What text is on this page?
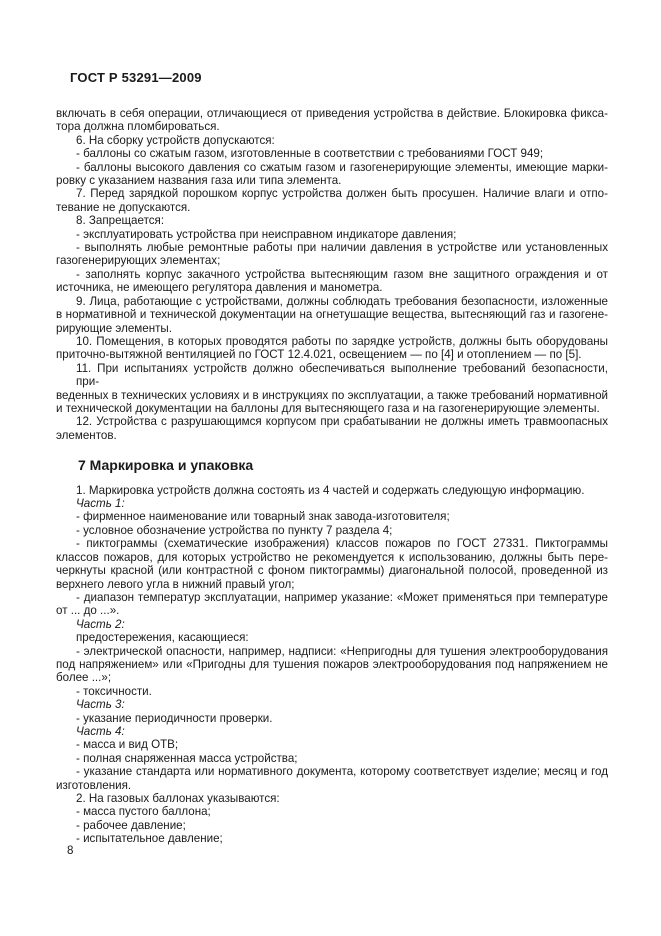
ГОСТ Р 53291—2009
включать в себя операции, отличающиеся от приведения устройства в действие. Блокировка фикса-
тора должна пломбироваться.
6. На сборку устройств допускаются:
- баллоны со сжатым газом, изготовленные в соответствии с требованиями ГОСТ 949;
- баллоны высокого давления со сжатым газом и газогенерирующие элементы, имеющие марки-
ровку с указанием названия газа или типа элемента.
7. Перед зарядкой порошком корпус устройства должен быть просушен. Наличие влаги и отпо-
тевание не допускаются.
8. Запрещается:
- эксплуатировать устройства при неисправном индикаторе давления;
- выполнять любые ремонтные работы при наличии давления в устройстве или установленных
газогенерирующих элементах;
- заполнять корпус закачного устройства вытесняющим газом вне защитного ограждения и от
источника, не имеющего регулятора давления и манометра.
9. Лица, работающие с устройствами, должны соблюдать требования безопасности, изложенные
в нормативной и технической документации на огнетушащие вещества, вытесняющий газ и газогене-
рирующие элементы.
10. Помещения, в которых проводятся работы по зарядке устройств, должны быть оборудованы
приточно-вытяжной вентиляцией по ГОСТ 12.4.021, освещением — по [4] и отоплением — по [5].
11. При испытаниях устройств должно обеспечиваться выполнение требований безопасности, при-
веденных в технических условиях и в инструкциях по эксплуатации, а также требований нормативной
и технической документации на баллоны для вытесняющего газа и на газогенерирующие элементы.
12. Устройства с разрушающимся корпусом при срабатывании не должны иметь травмоопасных
элементов.
7 Маркировка и упаковка
1. Маркировка устройств должна состоять из 4 частей и содержать следующую информацию.
Часть 1:
- фирменное наименование или товарный знак завода-изготовителя;
- условное обозначение устройства по пункту 7 раздела 4;
- пиктограммы (схематические изображения) классов пожаров по ГОСТ 27331. Пиктограммы
классов пожаров, для которых устройство не рекомендуется к использованию, должны быть пере-
черкнуты красной (или контрастной с фоном пиктограммы) диагональной полосой, проведенной из
верхнего левого угла в нижний правый угол;
- диапазон температур эксплуатации, например указание: «Может применяться при температуре
от ... до ...».
Часть 2:
предостережения, касающиеся:
- электрической опасности, например, надписи: «Непригодны для тушения электрооборудования
под напряжением» или «Пригодны для тушения пожаров электрооборудования под напряжением не
более ...»;
- токсичности.
Часть 3:
- указание периодичности проверки.
Часть 4:
- масса и вид ОТВ;
- полная снаряженная масса устройства;
- указание стандарта или нормативного документа, которому соответствует изделие; месяц и год
изготовления.
2. На газовых баллонах указываются:
- масса пустого баллона;
- рабочее давление;
- испытательное давление;
8
